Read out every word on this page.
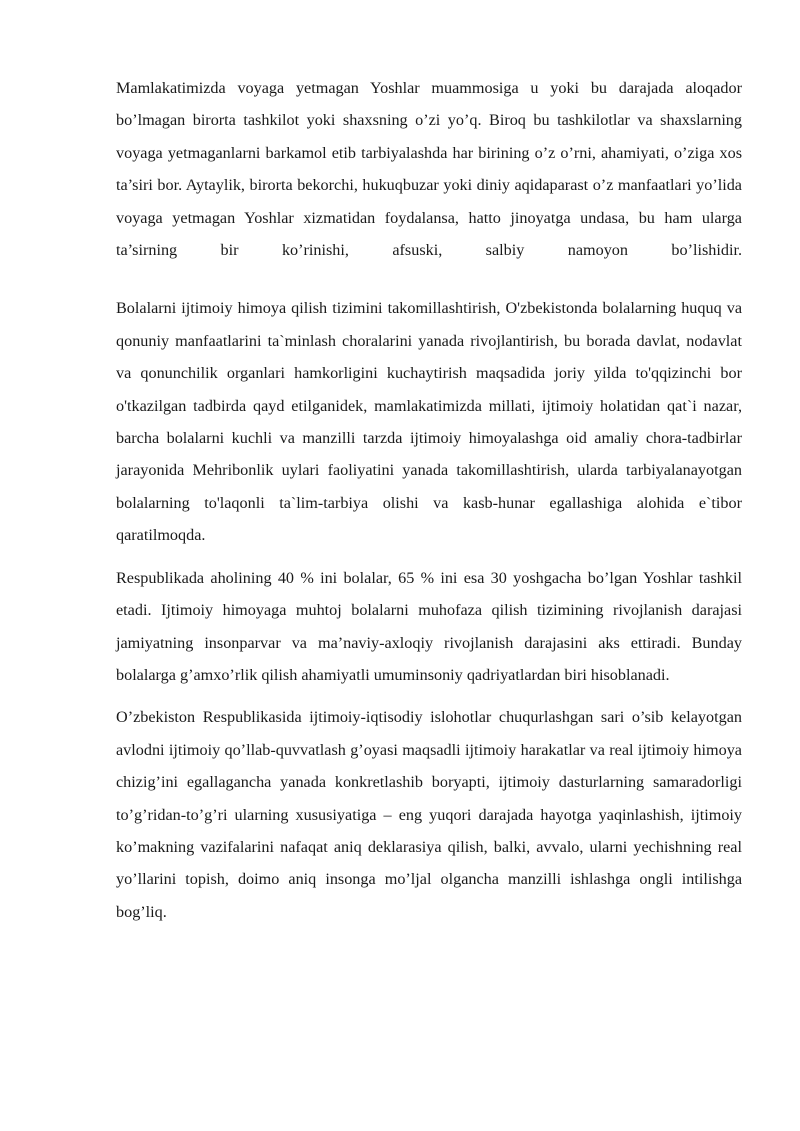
Mamlakatimizda voyaga yetmagan Yoshlar muammosiga u yoki bu darajada aloqador bo’lmagan birorta tashkilot yoki shaxsning o’zi yo’q. Biroq bu tashkilotlar va shaxslarning voyaga yetmaganlarni barkamol etib tarbiyalashda har birining o’z o’rni, ahamiyati, o’ziga xos ta’siri bor. Aytaylik, birorta bekorchi, hukuqbuzar yoki diniy aqidaparast o’z manfaatlari yo’lida voyaga yetmagan Yoshlar xizmatidan foydalansa, hatto jinoyatga undasa, bu ham ularga ta’sirning bir ko’rinishi, afsuski, salbiy namoyon bo’lishidir.

Bolalarni ijtimoiy himoya qilish tizimini takomillashtirish, O'zbekistonda bolalarning huquq va qonuniy manfaatlarini ta`minlash choralarini yanada rivojlantirish, bu borada davlat, nodavlat va qonunchilik organlari hamkorligini kuchaytirish maqsadida joriy yilda to'qqizinchi bor o'tkazilgan tadbirda qayd etilganidek, mamlakatimizda millati, ijtimoiy holatidan qat`i nazar, barcha bolalarni kuchli va manzilli tarzda ijtimoiy himoyalashga oid amaliy chora-tadbirlar jarayonida Mehribonlik uylari faoliyatini yanada takomillashtirish, ularda tarbiyalanayotgan bolalarning to'laqonli ta`lim-tarbiya olishi va kasb-hunar egallashiga alohida e`tibor qaratilmoqda.

Respublikada aholining 40 % ini bolalar, 65 % ini esa 30 yoshgacha bo’lgan Yoshlar tashkil etadi. Ijtimoiy himoyaga muhtoj bolalarni muhofaza qilish tizimining rivojlanish darajasi jamiyatning insonparvar va ma’naviy-axloqiy rivojlanish darajasini aks ettiradi. Bunday bolalarga g’amxo’rlik qilish ahamiyatli umuminsoniy qadriyatlardan biri hisoblanadi.

O’zbekiston Respublikasida ijtimoiy-iqtisodiy islohotlar chuqurlashgan sari o’sib kelayotgan avlodni ijtimoiy qo’llab-quvvatlash g’oyasi maqsadli ijtimoiy harakatlar va real ijtimoiy himoya chizig’ini egallagancha yanada konkretlashib boryapti, ijtimoiy dasturlarning samaradorligi to’g’ridan-to’g’ri ularning xususiyatiga – eng yuqori darajada hayotga yaqinlashish, ijtimoiy ko’makning vazifalarini nafaqat aniq deklarasiya qilish, balki, avvalo, ularni yechishning real yo’llarini topish, doimo aniq insonga mo’ljal olgancha manzilli ishlashga ongli intilishga bog’liq.
